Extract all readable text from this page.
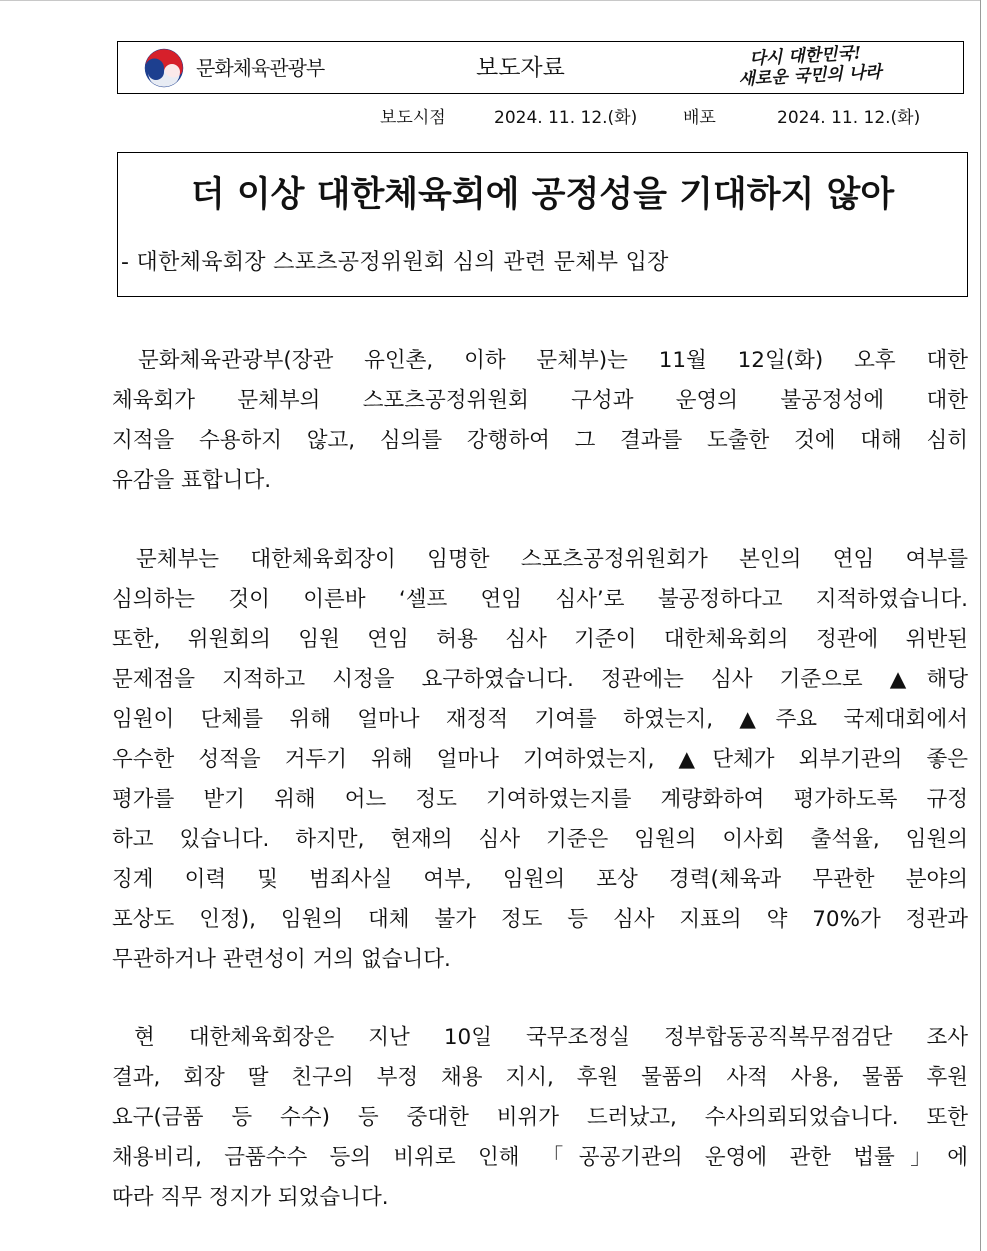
문화체육관광부	보도자료	다시 대한민국!
새로운 국민의 나라
보도시점	2024. 11. 12.(화)	배포	2024. 11. 12.(화)
더 이상 대한체육회에 공정성을 기대하지 않아
- 대한체육회장 스포츠공정위원회 심의 관련 문체부 입장
문화체육관광부(장관 유인촌, 이하 문체부)는 11월 12일(화) 오후 대한
체육회가 문체부의 스포츠공정위원회 구성과 운영의 불공정성에 대한
지적을 수용하지 않고, 심의를 강행하여 그 결과를 도출한 것에 대해 심히
유감을 표합니다.
문체부는 대한체육회장이 임명한 스포츠공정위원회가 본인의 연임 여부를
심의하는 것이 이른바 ‘셀프 연임 심사’로 불공정하다고 지적하였습니다.
또한, 위원회의 임원 연임 허용 심사 기준이 대한체육회의 정관에 위반된
문제점을 지적하고 시정을 요구하였습니다. 정관에는 심사 기준으로 ▲해당
임원이 단체를 위해 얼마나 재정적 기여를 하였는지, ▲주요 국제대회에서
우수한 성적을 거두기 위해 얼마나 기여하였는지, ▲단체가 외부기관의 좋은
평가를 받기 위해 어느 정도 기여하였는지를 계량화하여 평가하도록 규정
하고 있습니다. 하지만, 현재의 심사 기준은 임원의 이사회 출석율, 임원의
징계 이력 및 범죄사실 여부, 임원의 포상 경력(체육과 무관한 분야의
포상도 인정), 임원의 대체 불가 정도 등 심사 지표의 약 70%가 정관과
무관하거나 관련성이 거의 없습니다.
현 대한체육회장은 지난 10일 국무조정실 정부합동공직복무점검단 조사
결과, 회장 딸 친구의 부정 채용 지시, 후원 물품의 사적 사용, 물품 후원
요구(금품 등 수수) 등 중대한 비위가 드러났고, 수사의뢰되었습니다. 또한
채용비리, 금품수수 등의 비위로 인해 「공공기관의 운영에 관한 법률」에
따라 직무 정지가 되었습니다.
